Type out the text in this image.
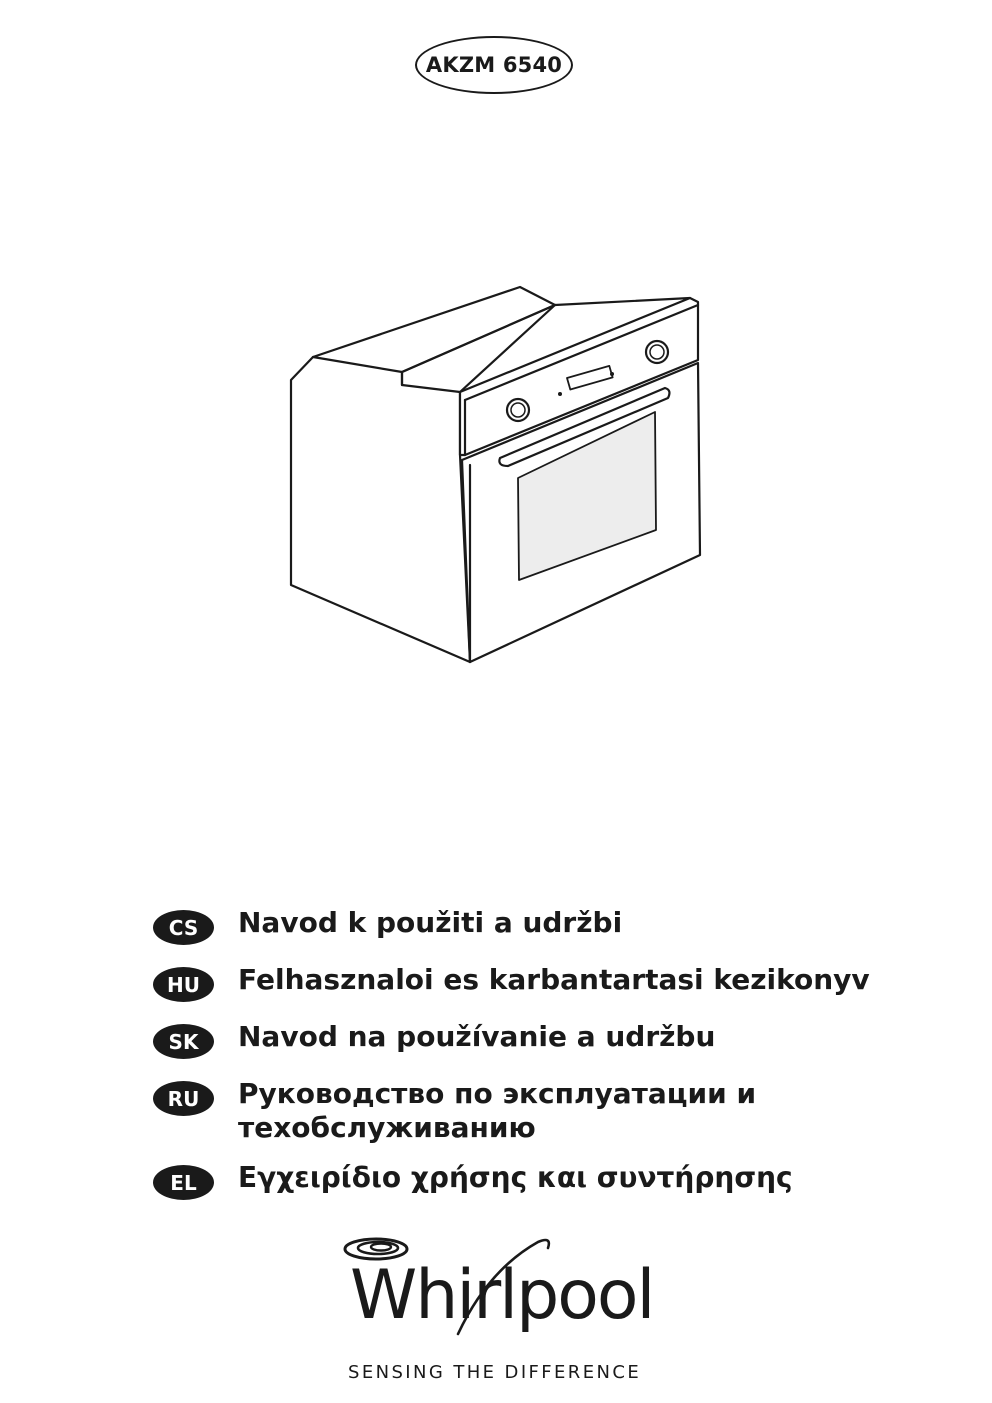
AKZM 6540
CS	Navod k použiti a udržbi
HU	Felhasznaloi es karbantartasi kezikonyv
SK	Navod na používanie a udržbu
RU	Руководство по эксплуатации и
техобслуживанию
EL	Εγχειρίδιο χρήσης και συντήρησης
Whirlpool
SENSING THE DIFFERENCE
